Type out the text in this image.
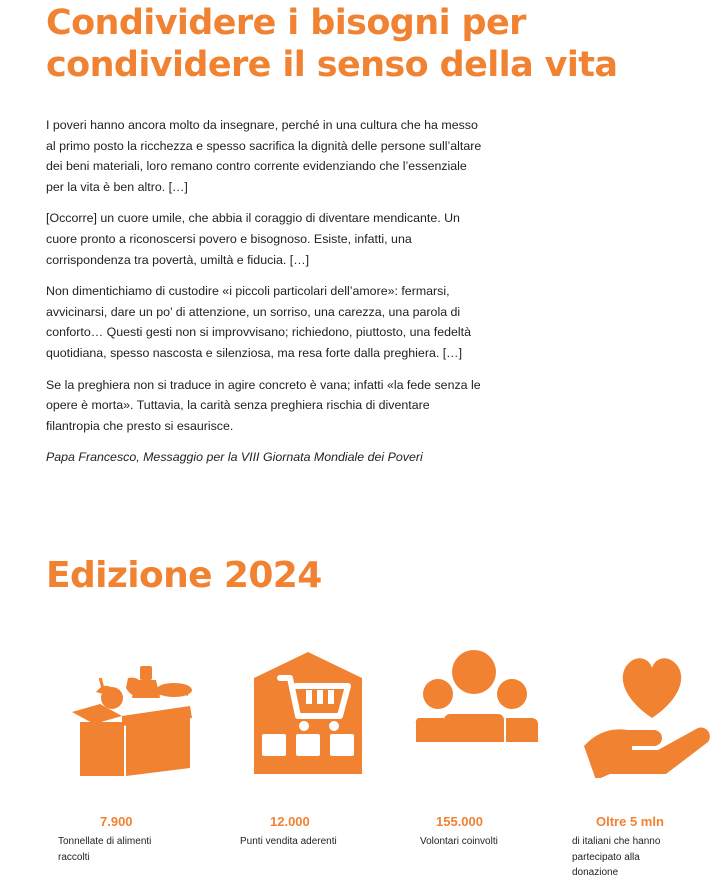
Condividere i bisogni per condividere il senso della vita

I poveri hanno ancora molto da insegnare, perché in una cultura che ha messo al primo posto la ricchezza e spesso sacrifica la dignità delle persone sull’altare dei beni materiali, loro remano contro corrente evidenziando che l’essenziale per la vita è ben altro. […]

[Occorre] un cuore umile, che abbia il coraggio di diventare mendicante. Un cuore pronto a riconoscersi povero e bisognoso. Esiste, infatti, una corrispondenza tra povertà, umiltà e fiducia. […]

Non dimentichiamo di custodire «i piccoli particolari dell’amore»: fermarsi, avvicinarsi, dare un po’ di attenzione, un sorriso, una carezza, una parola di conforto… Questi gesti non si improvvisano; richiedono, piuttosto, una fedeltà quotidiana, spesso nascosta e silenziosa, ma resa forte dalla preghiera. […]

Se la preghiera non si traduce in agire concreto è vana; infatti «la fede senza le opere è morta». Tuttavia, la carità senza preghiera rischia di diventare filantropia che presto si esaurisce.

Papa Francesco, Messaggio per la VIII Giornata Mondiale dei Poveri

Edizione 2024
7.900
Tonnellate di alimenti raccolti
12.000
Punti vendita aderenti
155.000
Volontari coinvolti
Oltre 5 mln
di italiani che hanno partecipato alla donazione
